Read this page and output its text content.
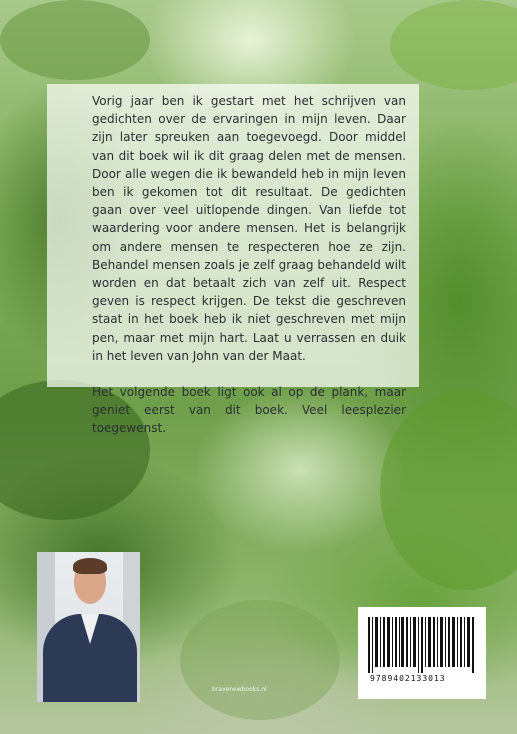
Vorig jaar ben ik gestart met het schrijven van gedichten over de ervaringen in mijn leven. Daar zijn later spreuken aan toegevoegd. Door middel van dit boek wil ik dit graag delen met de mensen. Door alle wegen die ik bewandeld heb in mijn leven ben ik gekomen tot dit resultaat. De gedichten gaan over veel uitlopende dingen. Van liefde tot waardering voor andere mensen. Het is belangrijk om andere mensen te respecteren hoe ze zijn. Behandel mensen zoals je zelf graag behandeld wilt worden en dat betaalt zich van zelf uit. Respect geven is respect krijgen. De tekst die geschreven staat in het boek heb ik niet geschreven met mijn pen, maar met mijn hart. Laat u verrassen en duik in het leven van John van der Maat.

Het volgende boek ligt ook al op de plank, maar geniet eerst van dit boek. Veel leesplezier toegewenst.

bravenewbooks.nl
9789402133013
